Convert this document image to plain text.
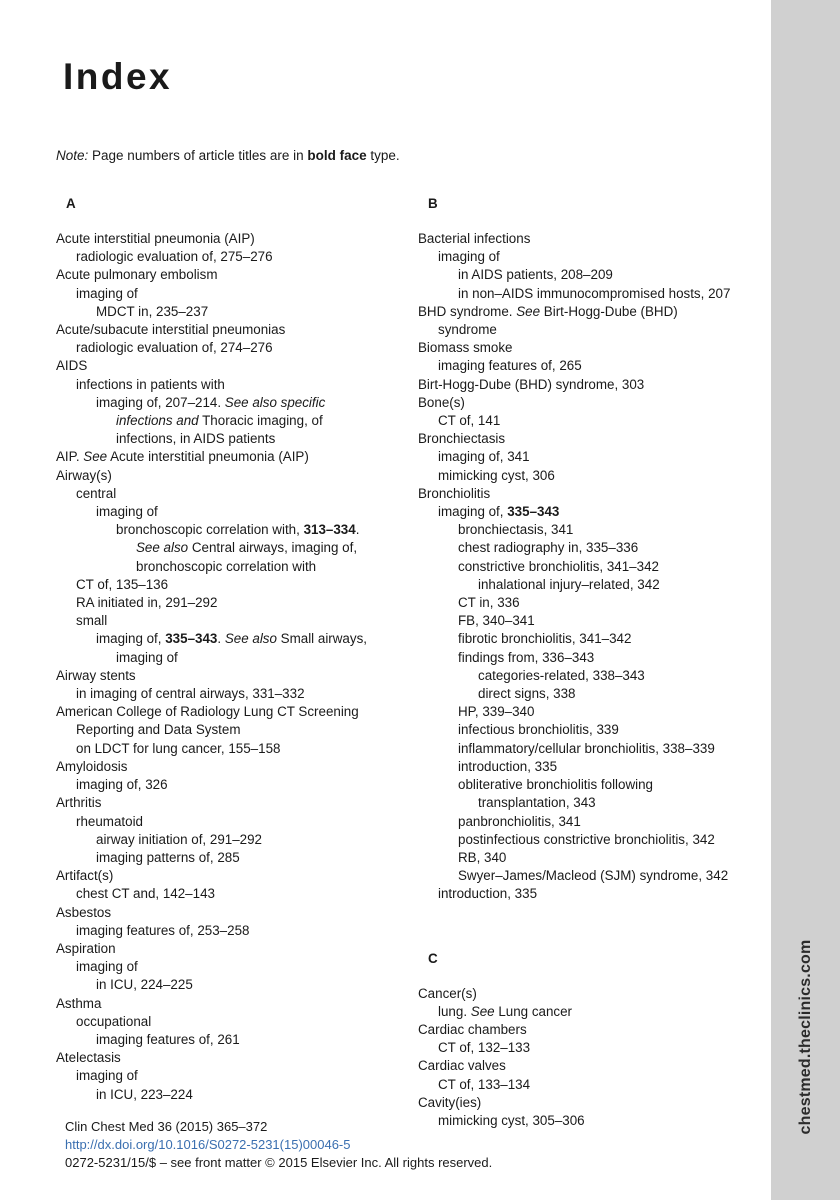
chestmed.theclinics.com
Index
Note: Page numbers of article titles are in bold face type.
A
Acute interstitial pneumonia (AIP)
radiologic evaluation of, 275–276
Acute pulmonary embolism
imaging of
MDCT in, 235–237
Acute/subacute interstitial pneumonias
radiologic evaluation of, 274–276
AIDS
infections in patients with
imaging of, 207–214. See also specific
infections and Thoracic imaging, of
infections, in AIDS patients
AIP. See Acute interstitial pneumonia (AIP)
Airway(s)
central
imaging of
bronchoscopic correlation with, 313–334.
See also Central airways, imaging of,
bronchoscopic correlation with
CT of, 135–136
RA initiated in, 291–292
small
imaging of, 335–343. See also Small airways,
imaging of
Airway stents
in imaging of central airways, 331–332
American College of Radiology Lung CT Screening
Reporting and Data System
on LDCT for lung cancer, 155–158
Amyloidosis
imaging of, 326
Arthritis
rheumatoid
airway initiation of, 291–292
imaging patterns of, 285
Artifact(s)
chest CT and, 142–143
Asbestos
imaging features of, 253–258
Aspiration
imaging of
in ICU, 224–225
Asthma
occupational
imaging features of, 261
Atelectasis
imaging of
in ICU, 223–224
B
Bacterial infections
imaging of
in AIDS patients, 208–209
in non–AIDS immunocompromised hosts, 207
BHD syndrome. See Birt-Hogg-Dube (BHD)
syndrome
Biomass smoke
imaging features of, 265
Birt-Hogg-Dube (BHD) syndrome, 303
Bone(s)
CT of, 141
Bronchiectasis
imaging of, 341
mimicking cyst, 306
Bronchiolitis
imaging of, 335–343
bronchiectasis, 341
chest radiography in, 335–336
constrictive bronchiolitis, 341–342
inhalational injury–related, 342
CT in, 336
FB, 340–341
fibrotic bronchiolitis, 341–342
findings from, 336–343
categories-related, 338–343
direct signs, 338
HP, 339–340
infectious bronchiolitis, 339
inflammatory/cellular bronchiolitis, 338–339
introduction, 335
obliterative bronchiolitis following
transplantation, 343
panbronchiolitis, 341
postinfectious constrictive bronchiolitis, 342
RB, 340
Swyer–James/Macleod (SJM) syndrome, 342
introduction, 335
C
Cancer(s)
lung. See Lung cancer
Cardiac chambers
CT of, 132–133
Cardiac valves
CT of, 133–134
Cavity(ies)
mimicking cyst, 305–306
Clin Chest Med 36 (2015) 365–372
http://dx.doi.org/10.1016/S0272-5231(15)00046-5
0272-5231/15/$ – see front matter © 2015 Elsevier Inc. All rights reserved.
